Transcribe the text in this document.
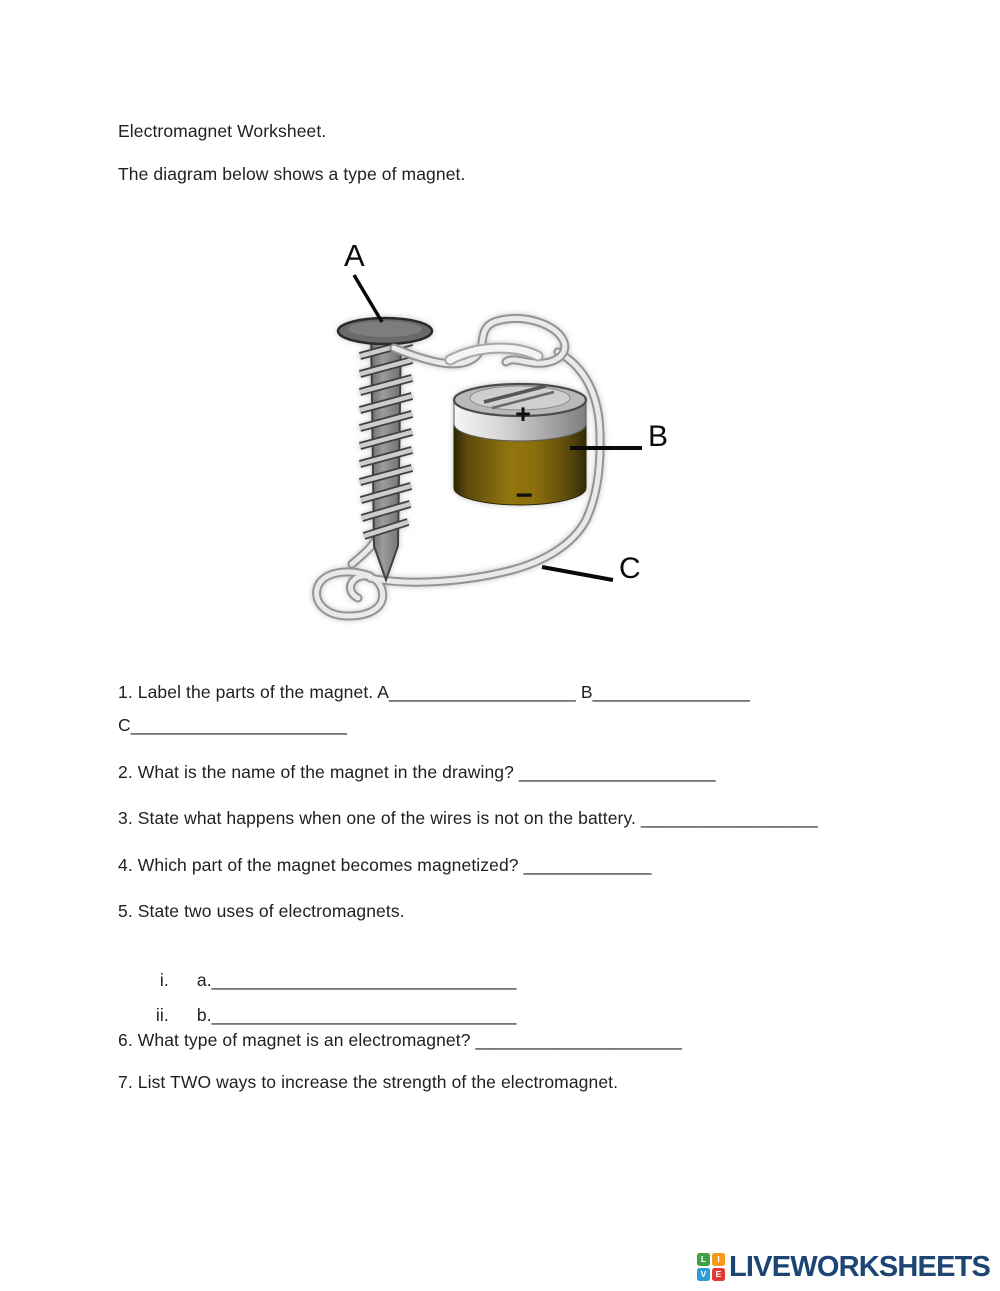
Electromagnet Worksheet.
The diagram below shows a type of magnet.
+
−
A
B
C
1. Label the parts of the magnet. A___________________ B________________
C______________________
2. What is the name of the magnet in the drawing? ____________________
3. State what happens when one of the wires is not on the battery. __________________
4. Which part of the magnet becomes magnetized? _____________
5. State two uses of electromagnets.

i. a._______________________________

ii. b._______________________________

6. What type of magnet is an electromagnet? _____________________
7. List TWO ways to increase the strength of the electromagnet.
L	I
V	E LIVEWORKSHEETS
